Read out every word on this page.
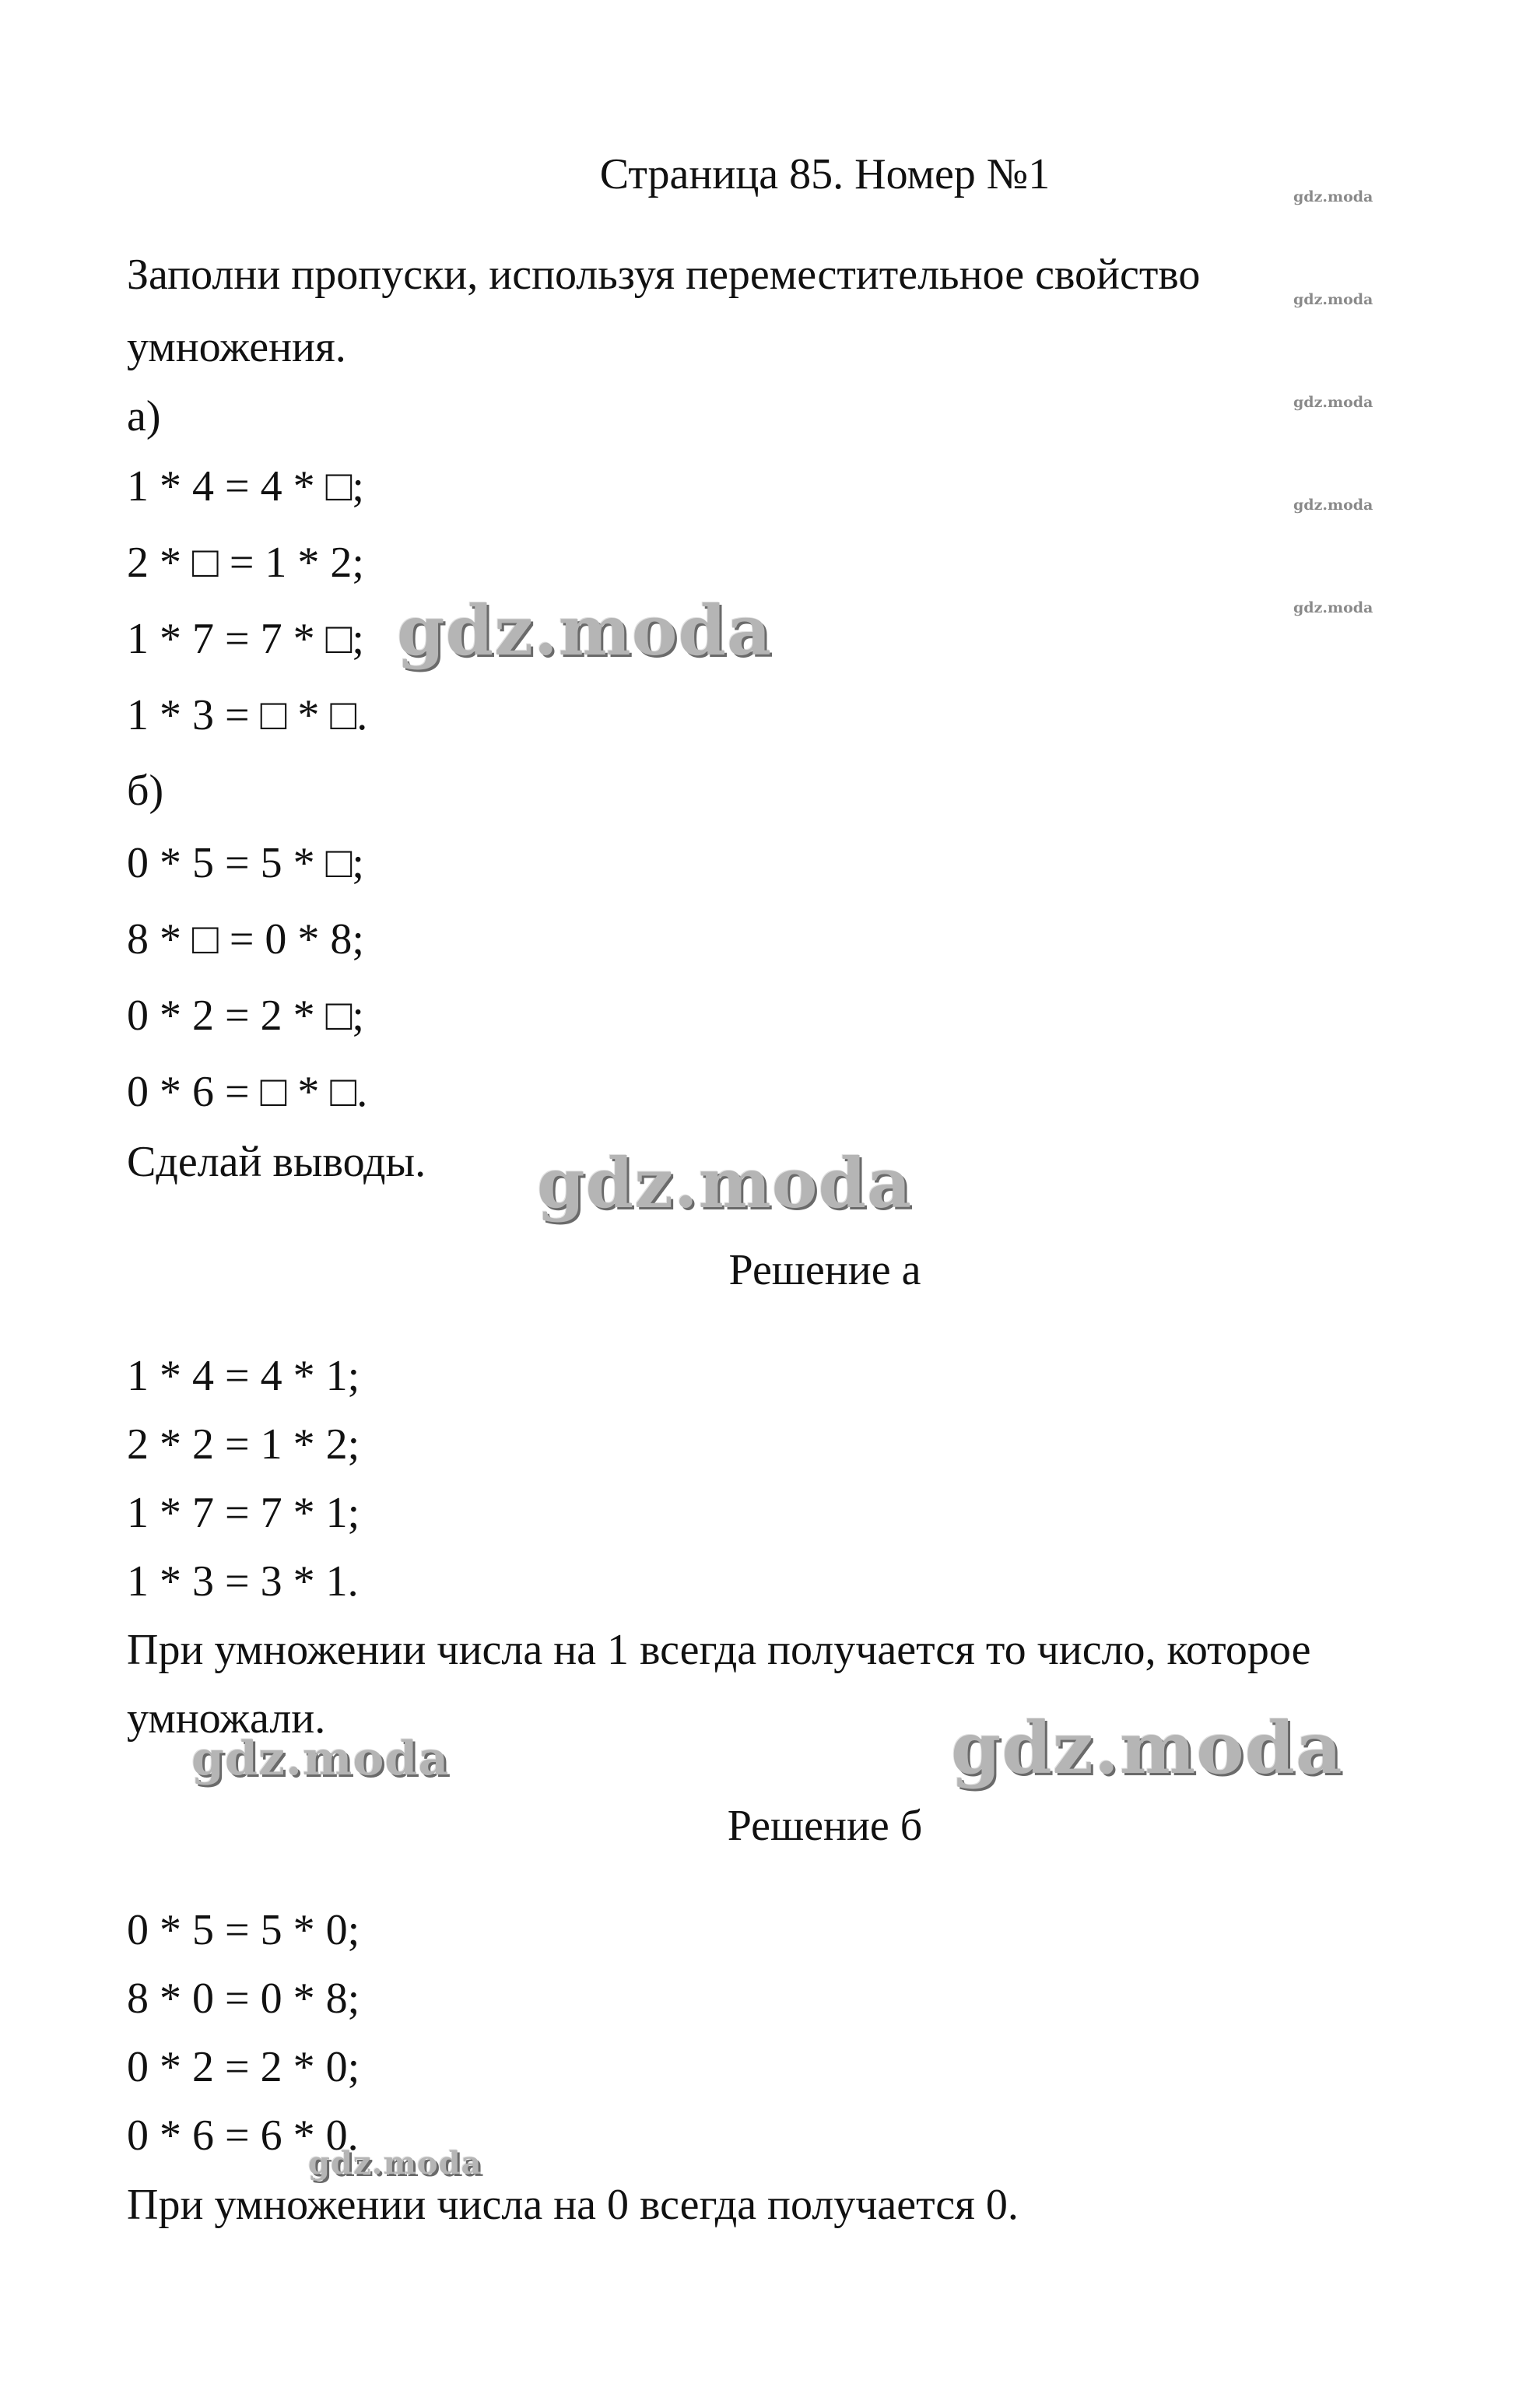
Страница 85. Номер №1
Заполни пропуски, используя переместительное свойство
умножения.
а)
1 * 4 = 4 * □;
2 * □ = 1 * 2;
1 * 7 = 7 * □;
1 * 3 = □ * □.
б)
0 * 5 = 5 * □;
8 * □ = 0 * 8;
0 * 2 = 2 * □;
0 * 6 = □ * □.
Сделай выводы.
Решение а
1 * 4 = 4 * 1;
2 * 2 = 1 * 2;
1 * 7 = 7 * 1;
1 * 3 = 3 * 1.
При умножении числа на 1 всегда получается то число, которое
умножали.
Решение б
0 * 5 = 5 * 0;
8 * 0 = 0 * 8;
0 * 2 = 2 * 0;
0 * 6 = 6 * 0.
При умножении числа на 0 всегда получается 0.
gdz.moda
gdz.moda
gdz.moda
gdz.moda
gdz.moda
gdz.moda
gdz.moda
gdz.moda
gdz.moda
gdz.moda
